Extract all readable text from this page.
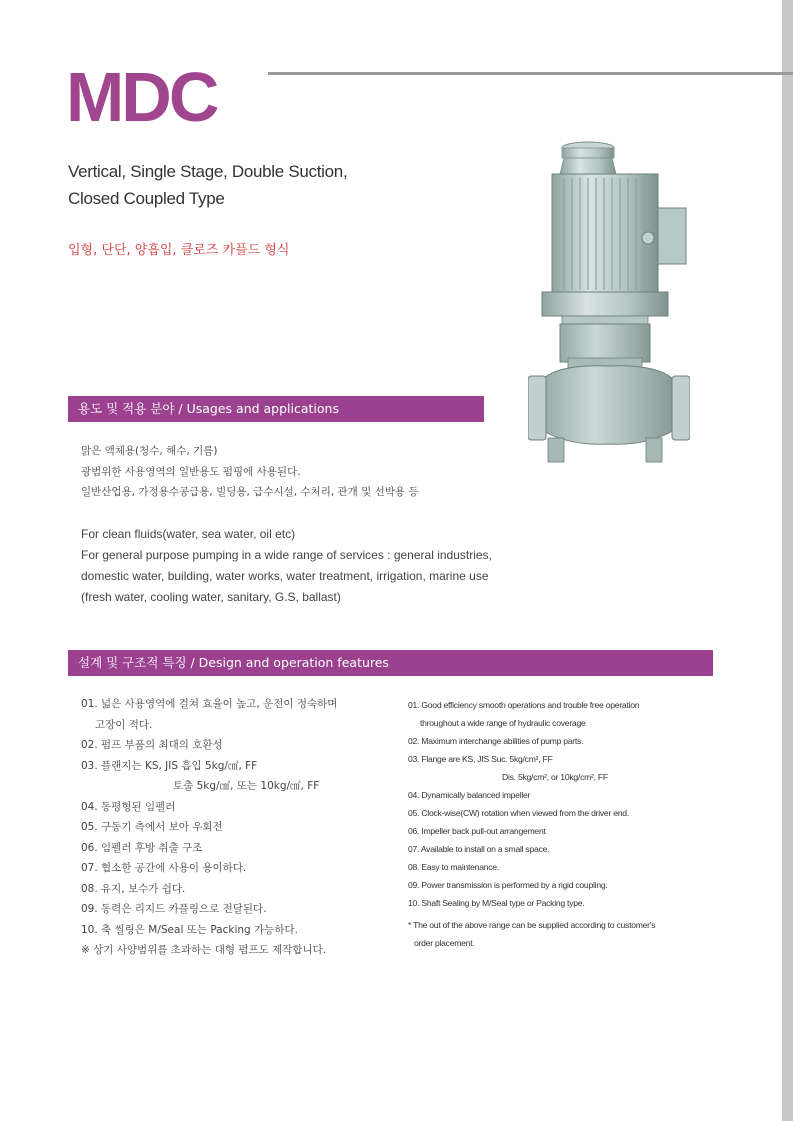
MDC
Vertical, Single Stage, Double Suction,
Closed Coupled Type
입형, 단단, 양흡입, 클로즈 카플드 형식
용도 및 적용 분야 / Usages and applications
맑은 액체용(청수, 해수, 기름)
광범위한 사용영역의 일반용도 펌핑에 사용된다.
일반산업용, 가정용수공급용, 빌딩용, 급수시설, 수처리, 관개 및 선박용 등
For clean fluids(water, sea water, oil etc)
For general purpose pumping in a wide range of services : general industries,
domestic water, building, water works, water treatment, irrigation, marine use
(fresh water, cooling water, sanitary, G.S, ballast)
설계 및 구조적 특징 / Design and operation features
01. 넓은 사용영역에 걸쳐 효율이 높고, 운전이 정숙하며
고장이 적다.
02. 펌프 부품의 최대의 호환성
03. 플랜지는 KS, JIS 흡입 5kg/㎠, FF
토출 5kg/㎠, 또는 10kg/㎠, FF
04. 동평형된 임펠러
05. 구동기 측에서 보아 우회전
06. 임펠러 후방 취출 구조
07. 협소한 공간에 사용이 용이하다.
08. 유지, 보수가 쉽다.
09. 동력은 리지드 카플링으로 전달된다.
10. 축 씰링은 M/Seal 또는 Packing 가능하다.
※ 상기 사양범위를 초과하는 대형 펌프도 제작합니다.
01. Good efficiency smooth operations and trouble free operation
throughout a wide range of hydraulic coverage
02. Maximum interchange abilities of pump parts.
03. Flange are KS, JIS Suc. 5kg/cm², FF
Dis. 5kg/cm², or 10kg/cm², FF
04. Dynamically balanced impeller
05. Clock-wise(CW) rotation when viewed from the driver end.
06. Impeller back pull-out arrangement
07. Available to install on a small space.
08. Easy to maintenance.
09. Power transmission is performed by a rigid coupling.
10. Shaft Sealing by M/Seal type or Packing type.
* The out of the above range can be supplied according to customer's
order placement.
